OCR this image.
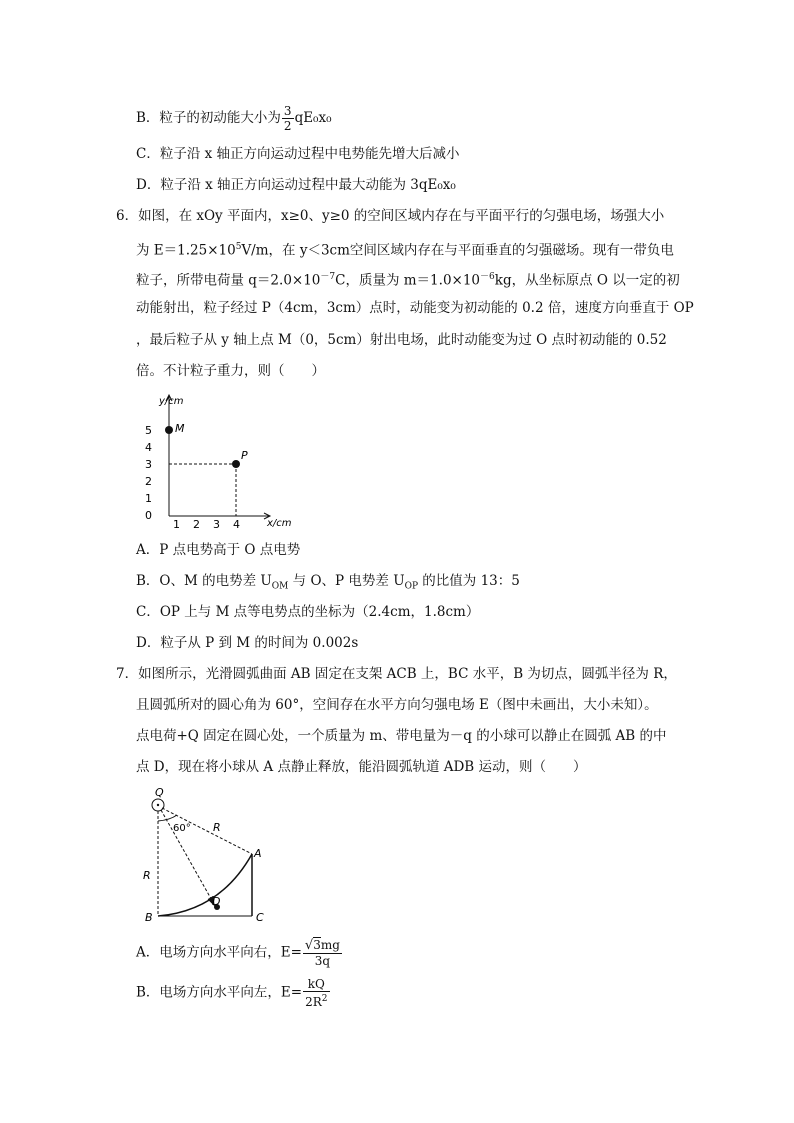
B．粒子的初动能大小为 $\frac{3}{2} qE_0x_0$
C．粒子沿 x 轴正方向运动过程中电势能先增大后减小
D．粒子沿 x 轴正方向运动过程中最大动能为 3qE₀x₀
6．如图，在 xOy 平面内，x≥0、y≥0 的空间区域内存在与平面平行的匀强电场，场强大小
为 $E=1.25\times 10^5V/m$，在 y＜3cm空间区域内存在与平面垂直的匀强磁场。现有一带负电
粒子，所带电荷量 $q=2.0\times 10^{-7}C$，质量为 $m=1.0\times 10^{-6}kg$，从坐标原点 O 以一定的初
动能射出，粒子经过 P（4cm，3cm）点时，动能变为初动能的 0.2 倍，速度方向垂直于 OP
，最后粒子从 y 轴上点 M（0，5cm）射出电场，此时动能变为过 O 点时初动能的 0.52
倍。不计粒子重力，则（　　）
y/cm
x/cm
5
4
3
2
1
0
1 2 3 4
M
P
A．P 点电势高于 O 点电势
B．O、M 的电势差 $U_{OM}$ 与 O、P 电势差 $U_{OP}$ 的比值为 13：5
C．OP 上与 M 点等电势点的坐标为（2.4cm，1.8cm）
D．粒子从 P 到 M 的时间为 0.002s
7．如图所示，光滑圆弧曲面 AB 固定在支架 ACB 上，BC 水平，B 为切点，圆弧半径为 R，
且圆弧所对的圆心角为 60°，空间存在水平方向匀强电场 E（图中未画出，大小未知）。
点电荷+Q 固定在圆心处，一个质量为 m、带电量为－q 的小球可以静止在圆弧 AB 的中
点 D，现在将小球从 A 点静止释放，能沿圆弧轨道 ADB 运动，则（　　）
Q
60° R
R
D
A
B	C
A．电场方向水平向右，$E= \frac{√3mg}{3q}$
B．电场方向水平向左，$E= \frac{kQ}{2R^2}$
